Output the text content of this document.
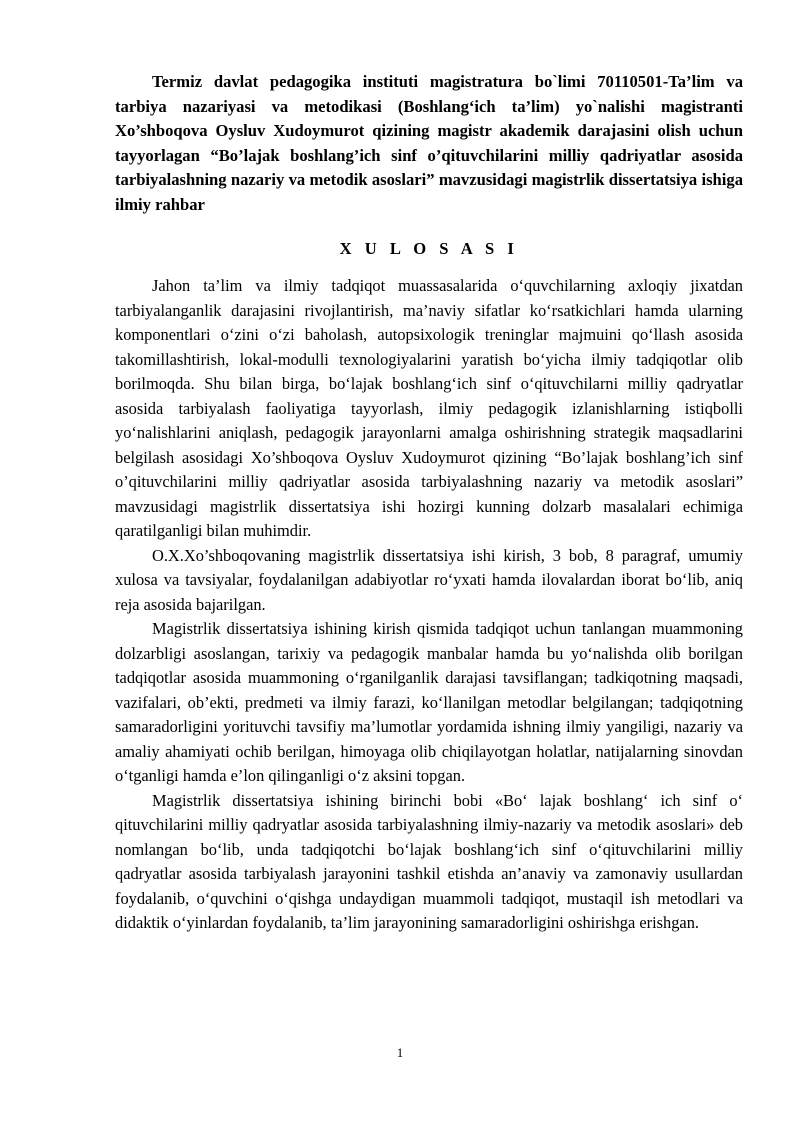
Termiz davlat pedagogika instituti magistratura bo`limi 70110501-Ta’lim va tarbiya nazariyasi va metodikasi (Boshlang‘ich ta’lim) yo`nalishi magistranti Xo’shboqova Oysluv Xudoymurot qizining magistr akademik darajasini olish uchun tayyorlagan “Bo’lajak boshlang’ich sinf o’qituvchilarini milliy qadriyatlar asosida tarbiyalashning nazariy va metodik asoslari” mavzusidagi magistrlik dissertatsiya ishiga ilmiy rahbar

X U L O S A S I

Jahon ta’lim va ilmiy tadqiqot muassasalarida o‘quvchilarning axloqiy jixatdan tarbiyalanganlik darajasini rivojlantirish, ma’naviy sifatlar ko‘rsatkichlari hamda ularning komponentlari o‘zini o‘zi baholash, autopsixologik treninglar majmuini qo‘llash asosida takomillashtirish, lokal-modulli texnologiyalarini yaratish bo‘yicha ilmiy tadqiqotlar olib borilmoqda. Shu bilan birga, bo‘lajak boshlang‘ich sinf o‘qituvchilarni milliy qadryatlar asosida tarbiyalash faoliyatiga tayyorlash, ilmiy pedagogik izlanishlarning istiqbolli yo‘nalishlarini aniqlash, pedagogik jarayonlarni amalga oshirishning strategik maqsadlarini belgilash asosidagi Xo’shboqova Oysluv Xudoymurot qizining “Bo’lajak boshlang’ich sinf o’qituvchilarini milliy qadriyatlar asosida tarbiyalashning nazariy va metodik asoslari” mavzusidagi magistrlik dissertatsiya ishi hozirgi kunning dolzarb masalalari echimiga qaratilganligi bilan muhimdir.

O.X.Xo’shboqovaning magistrlik dissertatsiya ishi kirish, 3 bob, 8 paragraf, umumiy xulosa va tavsiyalar, foydalanilgan adabiyotlar ro‘yxati hamda ilovalardan iborat bo‘lib, aniq reja asosida bajarilgan.

Magistrlik dissertatsiya ishining kirish qismida tadqiqot uchun tanlangan muammoning dolzarbligi asoslangan, tarixiy va pedagogik manbalar hamda bu yo‘nalishda olib borilgan tadqiqotlar asosida muammoning o‘rganilganlik darajasi tavsiflangan; tadkiqotning maqsadi, vazifalari, ob’ekti, predmeti va ilmiy farazi, ko‘llanilgan metodlar belgilangan; tadqiqotning samaradorligini yorituvchi tavsifiy ma’lumotlar yordamida ishning ilmiy yangiligi, nazariy va amaliy ahamiyati ochib berilgan, himoyaga olib chiqilayotgan holatlar, natijalarning sinovdan o‘tganligi hamda e’lon qilinganligi o‘z aksini topgan.

Magistrlik dissertatsiya ishining birinchi bobi «Bo‘ lajak boshlang‘ ich sinf o‘ qituvchilarini milliy qadryatlar asosida tarbiyalashning ilmiy-nazariy va metodik asoslari» deb nomlangan bo‘lib, unda tadqiqotchi bo‘lajak boshlang‘ich sinf o‘qituvchilarini milliy qadryatlar asosida tarbiyalash jarayonini tashkil etishda an’anaviy va zamonaviy usullardan foydalanib, o‘quvchini o‘qishga undaydigan muammoli tadqiqot, mustaqil ish metodlari va didaktik o‘yinlardan foydalanib, ta’lim jarayonining samaradorligini oshirishga erishgan.

1
